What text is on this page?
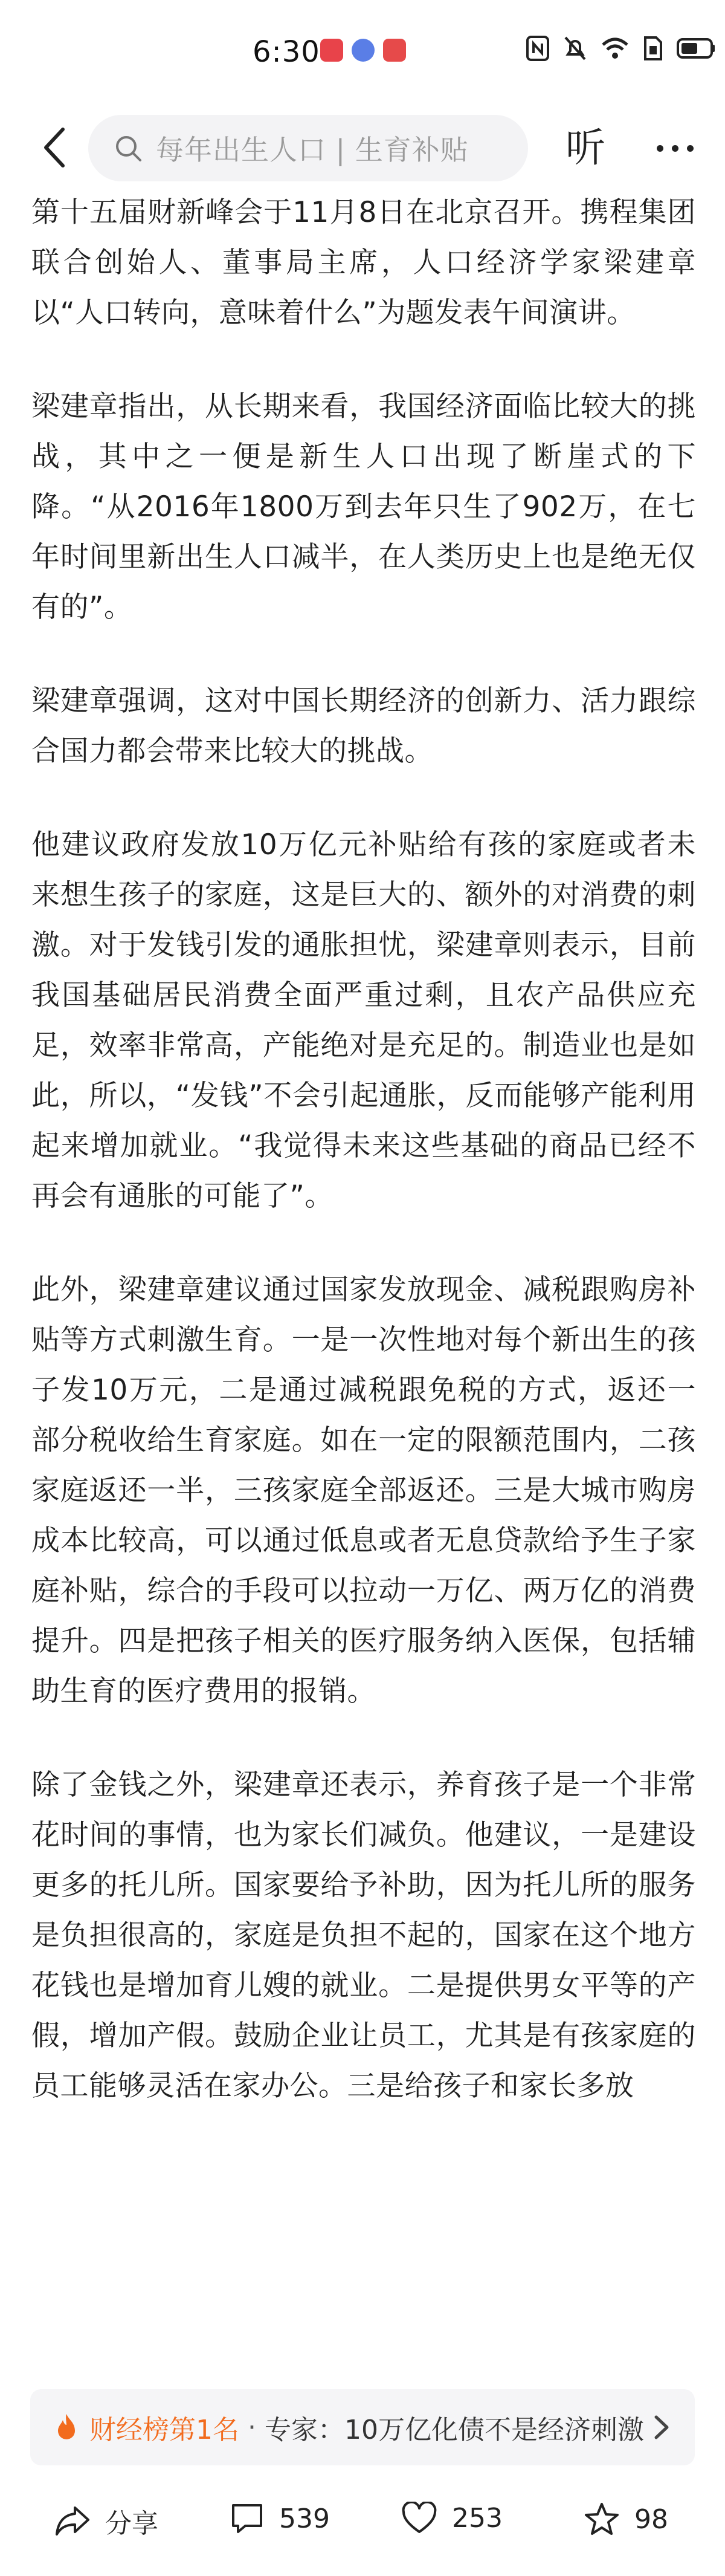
6:30
每年出生人口 | 生育补贴 听

第十五届财新峰会于11月8日在北京召开。携程集团联合创始人、董事局主席，人口经济学家梁建章以“人口转向，意味着什么”为题发表午间演讲。

梁建章指出，从长期来看，我国经济面临比较大的挑战，其中之一便是新生人口出现了断崖式的下降。“从2016年1800万到去年只生了902万，在七年时间里新出生人口减半，在人类历史上也是绝无仅有的”。

梁建章强调，这对中国长期经济的创新力、活力跟综合国力都会带来比较大的挑战。

他建议政府发放10万亿元补贴给有孩的家庭或者未来想生孩子的家庭，这是巨大的、额外的对消费的刺激。对于发钱引发的通胀担忧，梁建章则表示，目前我国基础居民消费全面严重过剩，且农产品供应充足，效率非常高，产能绝对是充足的。制造业也是如此，所以，“发钱”不会引起通胀，反而能够产能利用起来增加就业。“我觉得未来这些基础的商品已经不再会有通胀的可能了”。

此外，梁建章建议通过国家发放现金、减税跟购房补贴等方式刺激生育。一是一次性地对每个新出生的孩子发10万元，二是通过减税跟免税的方式，返还一部分税收给生育家庭。如在一定的限额范围内，二孩家庭返还一半，三孩家庭全部返还。三是大城市购房成本比较高，可以通过低息或者无息贷款给予生子家庭补贴，综合的手段可以拉动一万亿、两万亿的消费提升。四是把孩子相关的医疗服务纳入医保，包括辅助生育的医疗费用的报销。

除了金钱之外，梁建章还表示，养育孩子是一个非常花时间的事情，也为家长们减负。他建议，一是建设更多的托儿所。国家要给予补助，因为托儿所的服务是负担很高的，家庭是负担不起的，国家在这个地方花钱也是增加育儿嫂的就业。二是提供男女平等的产假，增加产假。鼓励企业让员工，尤其是有孩家庭的员工能够灵活在家办公。三是给孩子和家长多放

财经榜第1名 · 专家：10万亿化债不是经济刺激
分享	539	253	98
